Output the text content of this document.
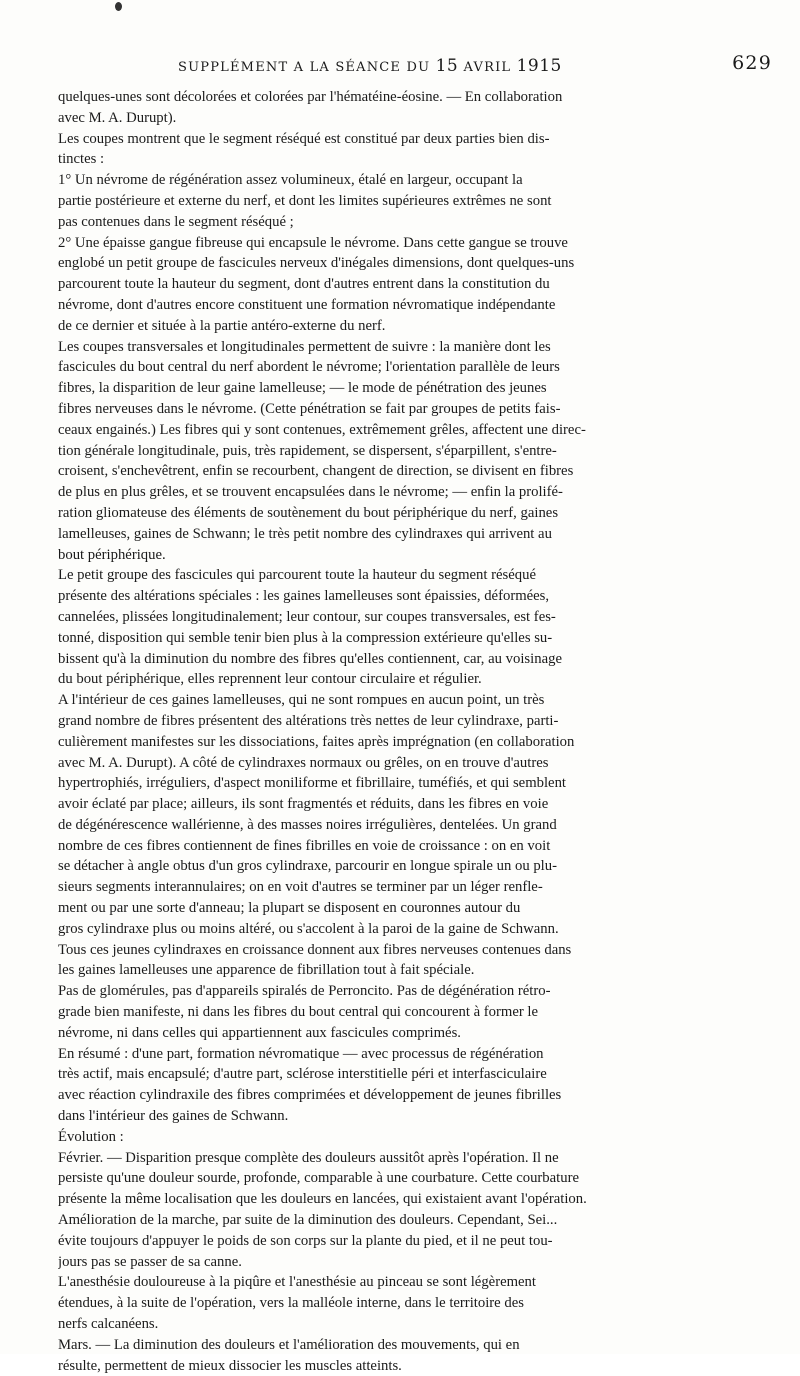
SUPPLÉMENT A LA SÉANCE DU 15 AVRIL 1915	629
quelques-unes sont décolorées et colorées par l'hématéine-éosine. — En collaboration
avec M. A. Durupt).
Les coupes montrent que le segment réséqué est constitué par deux parties bien dis-
tinctes :
1° Un névrome de régénération assez volumineux, étalé en largeur, occupant la
partie postérieure et externe du nerf, et dont les limites supérieures extrêmes ne sont
pas contenues dans le segment réséqué ;
2° Une épaisse gangue fibreuse qui encapsule le névrome. Dans cette gangue se trouve
englobé un petit groupe de fascicules nerveux d'inégales dimensions, dont quelques-uns
parcourent toute la hauteur du segment, dont d'autres entrent dans la constitution du
névrome, dont d'autres encore constituent une formation névromatique indépendante
de ce dernier et située à la partie antéro-externe du nerf.
Les coupes transversales et longitudinales permettent de suivre : la manière dont les
fascicules du bout central du nerf abordent le névrome; l'orientation parallèle de leurs
fibres, la disparition de leur gaine lamelleuse; — le mode de pénétration des jeunes
fibres nerveuses dans le névrome. (Cette pénétration se fait par groupes de petits fais-
ceaux engainés.) Les fibres qui y sont contenues, extrêmement grêles, affectent une direc-
tion générale longitudinale, puis, très rapidement, se dispersent, s'éparpillent, s'entre-
croisent, s'enchevêtrent, enfin se recourbent, changent de direction, se divisent en fibres
de plus en plus grêles, et se trouvent encapsulées dans le névrome; — enfin la prolifé-
ration gliomateuse des éléments de soutènement du bout périphérique du nerf, gaines
lamelleuses, gaines de Schwann; le très petit nombre des cylindraxes qui arrivent au
bout périphérique.
Le petit groupe des fascicules qui parcourent toute la hauteur du segment réséqué
présente des altérations spéciales : les gaines lamelleuses sont épaissies, déformées,
cannelées, plissées longitudinalement; leur contour, sur coupes transversales, est fes-
tonné, disposition qui semble tenir bien plus à la compression extérieure qu'elles su-
bissent qu'à la diminution du nombre des fibres qu'elles contiennent, car, au voisinage
du bout périphérique, elles reprennent leur contour circulaire et régulier.
A l'intérieur de ces gaines lamelleuses, qui ne sont rompues en aucun point, un très
grand nombre de fibres présentent des altérations très nettes de leur cylindraxe, parti-
culièrement manifestes sur les dissociations, faites après imprégnation (en collaboration
avec M. A. Durupt). A côté de cylindraxes normaux ou grêles, on en trouve d'autres
hypertrophiés, irréguliers, d'aspect moniliforme et fibrillaire, tuméfiés, et qui semblent
avoir éclaté par place; ailleurs, ils sont fragmentés et réduits, dans les fibres en voie
de dégénérescence wallérienne, à des masses noires irrégulières, dentelées. Un grand
nombre de ces fibres contiennent de fines fibrilles en voie de croissance : on en voit
se détacher à angle obtus d'un gros cylindraxe, parcourir en longue spirale un ou plu-
sieurs segments interannulaires; on en voit d'autres se terminer par un léger renfle-
ment ou par une sorte d'anneau; la plupart se disposent en couronnes autour du
gros cylindraxe plus ou moins altéré, ou s'accolent à la paroi de la gaine de Schwann.
Tous ces jeunes cylindraxes en croissance donnent aux fibres nerveuses contenues dans
les gaines lamelleuses une apparence de fibrillation tout à fait spéciale.
Pas de glomérules, pas d'appareils spiralés de Perroncito. Pas de dégénération rétro-
grade bien manifeste, ni dans les fibres du bout central qui concourent à former le
névrome, ni dans celles qui appartiennent aux fascicules comprimés.
En résumé : d'une part, formation névromatique — avec processus de régénération
très actif, mais encapsulé; d'autre part, sclérose interstitielle péri et interfasciculaire
avec réaction cylindraxile des fibres comprimées et développement de jeunes fibrilles
dans l'intérieur des gaines de Schwann.
Évolution :
Février. — Disparition presque complète des douleurs aussitôt après l'opération. Il ne
persiste qu'une douleur sourde, profonde, comparable à une courbature. Cette courbature
présente la même localisation que les douleurs en lancées, qui existaient avant l'opération.
Amélioration de la marche, par suite de la diminution des douleurs. Cependant, Sei...
évite toujours d'appuyer le poids de son corps sur la plante du pied, et il ne peut tou-
jours pas se passer de sa canne.
L'anesthésie douloureuse à la piqûre et l'anesthésie au pinceau se sont légèrement
étendues, à la suite de l'opération, vers la malléole interne, dans le territoire des
nerfs calcanéens.
Mars. — La diminution des douleurs et l'amélioration des mouvements, qui en
résulte, permettent de mieux dissocier les muscles atteints.
